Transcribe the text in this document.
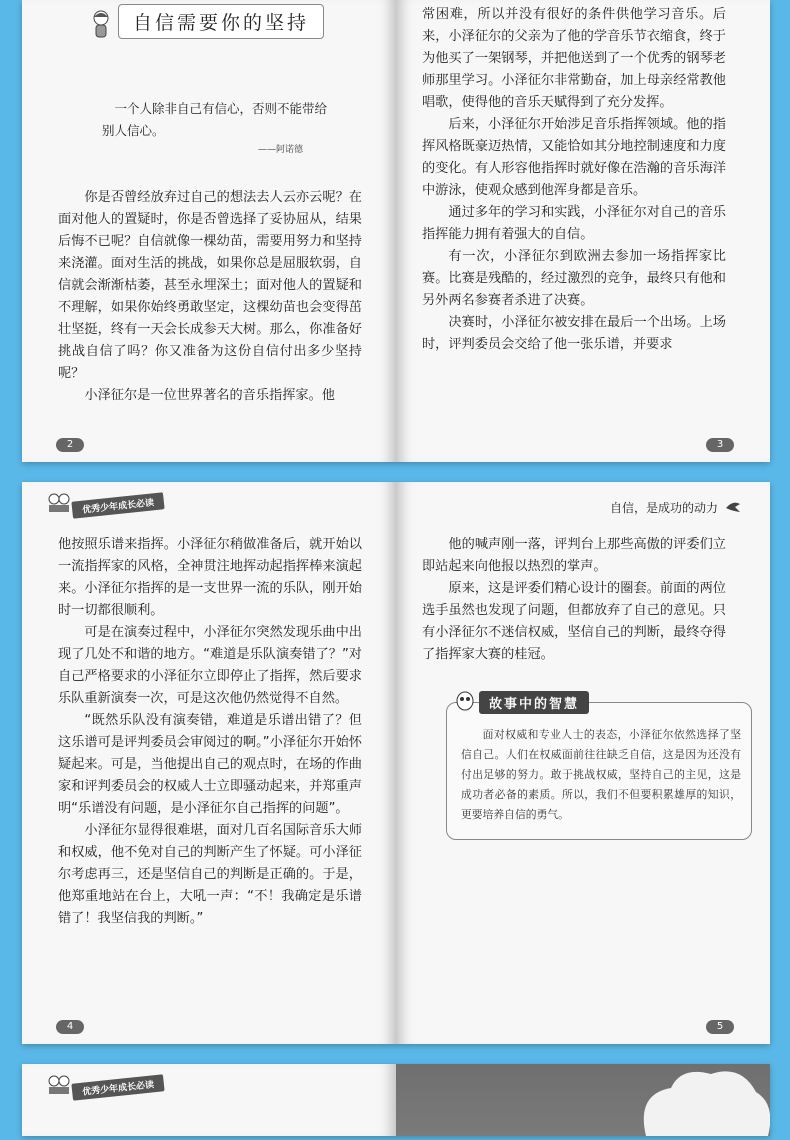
自信需要你的坚持
一个人除非自己有信心，否则不能带给别人信心。
——阿诺德

你是否曾经放弃过自己的想法去人云亦云呢？在面对他人的置疑时，你是否曾选择了妥协屈从，结果后悔不已呢？自信就像一棵幼苗，需要用努力和坚持来浇灌。面对生活的挑战，如果你总是屈服软弱，自信就会渐渐枯萎，甚至永埋深土；面对他人的置疑和不理解，如果你始终勇敢坚定，这棵幼苗也会变得茁壮坚挺，终有一天会长成参天大树。那么，你准备好挑战自信了吗？你又准备为这份自信付出多少坚持呢？

小泽征尔是一位世界著名的音乐指挥家。他

2

常困难，所以并没有很好的条件供他学习音乐。后来，小泽征尔的父亲为了他的学音乐节衣缩食，终于为他买了一架钢琴，并把他送到了一个优秀的钢琴老师那里学习。小泽征尔非常勤奋，加上母亲经常教他唱歌，使得他的音乐天赋得到了充分发挥。

后来，小泽征尔开始涉足音乐指挥领域。他的指挥风格既豪迈热情，又能恰如其分地控制速度和力度的变化。有人形容他指挥时就好像在浩瀚的音乐海洋中游泳，使观众感到他浑身都是音乐。

通过多年的学习和实践，小泽征尔对自己的音乐指挥能力拥有着强大的自信。

有一次，小泽征尔到欧洲去参加一场指挥家比赛。比赛是残酷的，经过激烈的竞争，最终只有他和另外两名参赛者杀进了决赛。

决赛时，小泽征尔被安排在最后一个出场。上场时，评判委员会交给了他一张乐谱，并要求

3
优秀少年成长必读

他按照乐谱来指挥。小泽征尔稍做准备后，就开始以一流指挥家的风格，全神贯注地挥动起指挥棒来演起来。小泽征尔指挥的是一支世界一流的乐队，刚开始时一切都很顺利。

可是在演奏过程中，小泽征尔突然发现乐曲中出现了几处不和谐的地方。“难道是乐队演奏错了？”对自己严格要求的小泽征尔立即停止了指挥，然后要求乐队重新演奏一次，可是这次他仍然觉得不自然。

“既然乐队没有演奏错，难道是乐谱出错了？但这乐谱可是评判委员会审阅过的啊。”小泽征尔开始怀疑起来。可是，当他提出自己的观点时，在场的作曲家和评判委员会的权威人士立即骚动起来，并郑重声明“乐谱没有问题，是小泽征尔自己指挥的问题”。

小泽征尔显得很难堪，面对几百名国际音乐大师和权威，他不免对自己的判断产生了怀疑。可小泽征尔考虑再三，还是坚信自己的判断是正确的。于是，他郑重地站在台上，大吼一声：“不！我确定是乐谱错了！我坚信我的判断。”

4
自信，是成功的动力

他的喊声刚一落，评判台上那些高傲的评委们立即站起来向他报以热烈的掌声。

原来，这是评委们精心设计的圈套。前面的两位选手虽然也发现了问题，但都放弃了自己的意见。只有小泽征尔不迷信权威，坚信自己的判断，最终夺得了指挥家大赛的桂冠。

故事中的智慧

面对权威和专业人士的表态，小泽征尔依然选择了坚信自己。人们在权威面前往往缺乏自信，这是因为还没有付出足够的努力。敢于挑战权威，坚持自己的主见，这是成功者必备的素质。所以，我们不但要积累雄厚的知识，更要培养自信的勇气。

5
优秀少年成长必读
